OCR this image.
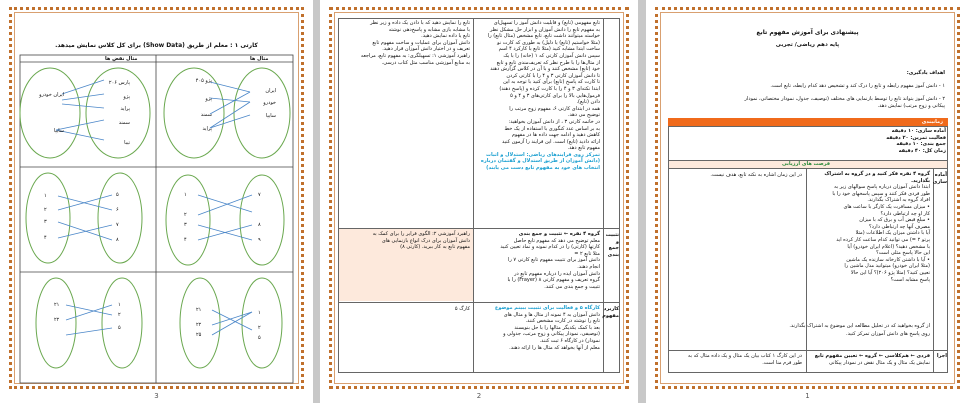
کارتی ۱ : معلم از طریق (Show Data) برای کل کلاس نمایش میدهد.
مثال ها
مثال نقض ها
ایران خودرو
سایپا
پارس ۲۰۶
پژو
پراید
سمند
تیبا
پژو ۴۰۵
پژو
سمند
پراید
ایران
خودرو
سایپا
۱
۲
۳
۴
۵
۶
۷
۸
۱
۲
۳
۴
۷
۸
۹
۲۱
۲۲
۱
۲
۵
۲۱
۲۲
۲۵
۱
۲
۵
3
تابع مفهومی (تابع) و قابلیت دانش آموز را تسهیل‌ای
به مفهوم تابع را دانش آموزان و ابزار حل مشکل نظر
خواسته میتوانند داشت تابع، تابع مشخص (مثال تابع) را
(مثلا خواستیم (تابع) یا دلیل) به طوری که کارت نو
ساخت ابتدا مشابه کنید (مثلا تابع با کارکرد ۴ اسم
سپس دانش آموزان کارتی که ۱ (خانه) را با یک
از مثال‌ها را با طرح نظر که تعریف‌مندی تابع و تابع
خود (تابع) مشخص کنند و با آن در کلاس گزارش دهند
تا دانش آموزان کارتی ۳ و ۴ را با کارتی کردن
تا کارت که پاسخ (تابع) برای کنید با توجه به این
ابتدا نکته‌ای ۳ و ۴ را با کارت کرده و (پاسخ دهند)
فرمول‌هایی بالا را برای کارتی‌های ۳ و ۴ و ۵
دادن (تابع).
همه در ابتدای کارتی ۶، مفهوم زوج مرتب را
توضیح می دهد.
در خاتمه کارتی ۳ ، از دانش آموزان بخواهید:
به بر اساس عدد کنگوری با استفاده از یک خط
کاهش دهید و ادامه جهت داده ها در مفهوم
ارائه دادید (تابع) است. این فرایند را آزمون کنید
مفهوم تابع دهد.
تمرکز روی فرایندهای ریاضی: استدلال و اثبات
(دانش آموزان از طریق استدلال و گفتمان درباره
انتخاب های خود به مفهوم تابع دست می یابند)
تابع را نمایش دهید که با دادن یک داده و زیر نظر
با مشابه بازی مشابه و پاسخ‌دهی نوشته
تابع یا داده نمایش دهید.
دانش آموزان برای عملیات و ساخت مفهوم تابع
تعریف و در اختیار دانش آموزان قرار دهید.
راهبرد آموزشی ۱: تسهیلگری: به مفهوم تابع، مراجعه
به منابع آموزشی مناسب مثل کتاب درسی.
تثبیت و جمع بندی
گروه ۴ نفره ← تثبیت و جمع بندی
معلم توضیح می دهد که مفهوم تابع حاصل
کارتها (کارتی) را در کدام نمونه و نماد تعیین کنید
مثلا تابع ۲ =
دانش آموز برای تثبیت مفهوم تابع کارتی ۷ را
انجام دهند.
دانش آموزان ایده را درباره مفهوم تابع در
گروه تعریف و مفهوم کارتی ۸ (Frayer) را با
تثبیت و جمع بندی می کنند.
راهبرد آموزشی ۲: الگوی فرایر را برای کمک به
دانش آموزان برای درک انواع بازنمایی های
مفهوم تابع به کار ببرید. (کارتی ۸)
کاربرد مفهوم
کارگاه ۵ و فعالیت برای تثبیت ببینم موضوع
دانش آموزان به ۴ نمونه از مثال ها و مثال های
تابع را نوشته در کارت مشخص کنند.
بعد با کمک یکدیگر مثالها را با حل بنویسند
(توصیفی، نمودار پیکانی و زوج مرتب، جدولی و
نمودار) در کارگاه ۶ ثبت کنند.
معلم از آنها بخواهد که مثال ها را ارائه دهند.
کارگ ۵
2
پیشنهادی برای آموزش مفهوم تابع
پایه دهم ریاضی/ تجربی
اهداف یادگیری:
۱ - دانش آموز مفهوم رابطه و تابع را درک کند و تشخیص دهد کدام رابطه، تابع است.
۲ - دانش آموز بتواند تابع را توسط بازنمایی های مختلف (توصیف، جدول، نمودار مختصاتی، نمودار
پیکانی و زوج مرتب) نمایش دهد.
زمانبندی
آماده سازی: ۱۰ دقیقه
فعالیت تمرین: ۲۰ دقیقه
جمع بندی: ۱۰ دقیقه
زمان کل: ۴۰ دقیقه
فرصت های ارزیابی
آماده سازی
در این زمان اشاره به نکته تابع، هدف نیست.	گروه ۴ نفره فکر کنید و در گروه به اشتراک بگذارید.
ابتدا دانش آموزان درباره پاسخ سوالهای زیر به
طور فردی فکر کنند و سپس پاسخهای خود را با
افراد گروه به اشتراک بگذارند.
• میزان مسافرت یک کارگر با ساعت های
کار او چه ارتباطی دارد؟
• مبلغ قبض آب و برق که با میزان
مصرف آنها چه ارتباطی دارد؟
آیا با داشتن میزان یک اطلاعات (مثلا
پرتو ۲ =) می توانید کدام ساعت کار کرده اید
با مشخص دهید؟ (اعلام ایران خودرو) آیا
این حالا پاسخ مثلی است؟
• آیا با داشتن کارخانه سازنده یک ماشین
(مثلا ایران خودرو) میتوانید مدل ماشین را
تعیین کنید؟ (مثلا پژو ۲۰۶)؟ آیا این حالا
پاسخ مشابه است؟
از گروه بخواهید که در تحلیل مطالعه این موضوع به اشتراک بگذارند.
روی پاسخ های دانش آموزان تمرکز کنید.
اجرا
فردی ← هم‌کلاسی ← گروه ← تعیین مفهوم تابع
نمایش یک مثال و یک مثال نقض در نمودار پیکانی
در این کارگ ۱ کتاب بیان یک مثال و یک داده مثال که به
طور فرم منا است.
1
